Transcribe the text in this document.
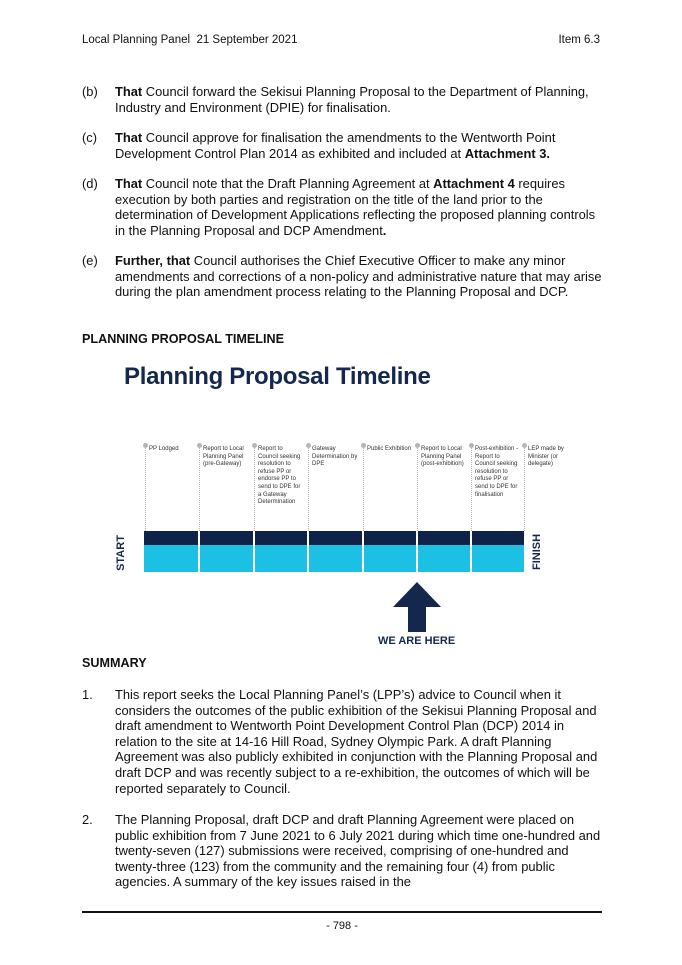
Local Planning Panel  21 September 2021	Item 6.3
(b)	That Council forward the Sekisui Planning Proposal to the Department of Planning, Industry and Environment (DPIE) for finalisation.
(c)	That Council approve for finalisation the amendments to the Wentworth Point Development Control Plan 2014 as exhibited and included at Attachment 3.
(d)	That Council note that the Draft Planning Agreement at Attachment 4 requires execution by both parties and registration on the title of the land prior to the determination of Development Applications reflecting the proposed planning controls in the Planning Proposal and DCP Amendment.
(e)	Further, that Council authorises the Chief Executive Officer to make any minor amendments and corrections of a non-policy and administrative nature that may arise during the plan amendment process relating to the Planning Proposal and DCP.
PLANNING PROPOSAL TIMELINE
Planning Proposal Timeline
PP Lodged	Report to Local Planning Panel (pre-Gateway)
Report to Council seeking resolution to refuse PP or endorse PP to send to DPE for a Gateway Determination
Gateway Determination by DPE
Public Exhibition	Report to Local Planning Panel (post-exhibition)
Post-exhibition - Report to Council seeking resolution to refuse PP or send to DPE for finalisation
LEP made by Minister (or delegate)
START	FINISH
WE ARE HERE
SUMMARY
1.	This report seeks the Local Planning Panel’s (LPP’s) advice to Council when it considers the outcomes of the public exhibition of the Sekisui Planning Proposal and draft amendment to Wentworth Point Development Control Plan (DCP) 2014 in relation to the site at 14-16 Hill Road, Sydney Olympic Park. A draft Planning Agreement was also publicly exhibited in conjunction with the Planning Proposal and draft DCP and was recently subject to a re-exhibition, the outcomes of which will be reported separately to Council.
2.	The Planning Proposal, draft DCP and draft Planning Agreement were placed on public exhibition from 7 June 2021 to 6 July 2021 during which time one-hundred and twenty-seven (127) submissions were received, comprising of one-hundred and twenty-three (123) from the community and the remaining four (4) from public agencies. A summary of the key issues raised in the
- 798 -
